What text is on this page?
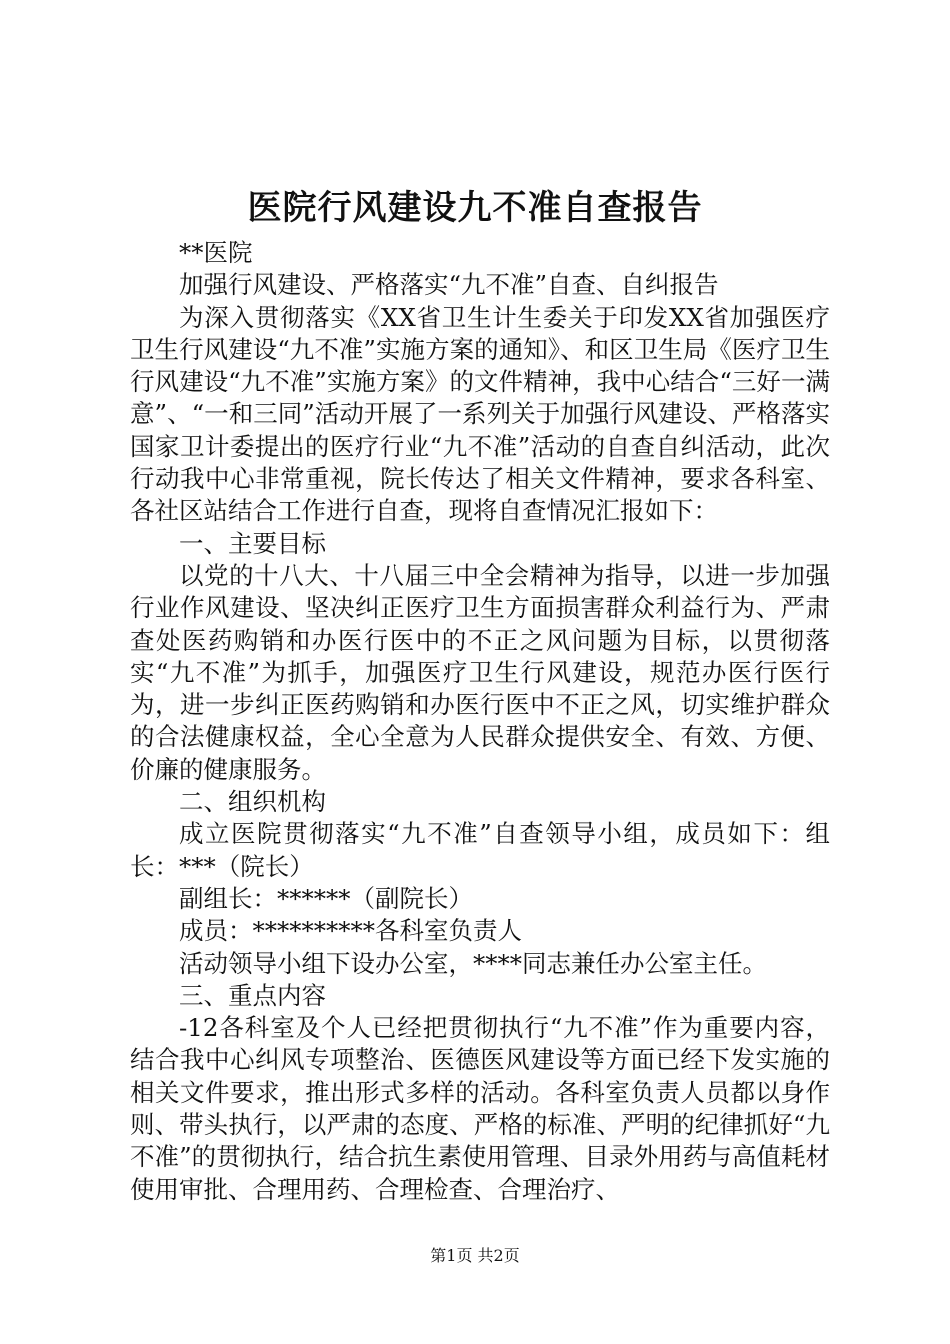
医院行风建设九不准自查报告

**医院

加强行风建设、严格落实“九不准”自查、自纠报告

为深入贯彻落实《XX省卫生计生委关于印发XX省加强医疗卫生行风建设“九不准”实施方案的通知》、和区卫生局《医疗卫生行风建设“九不准”实施方案》的文件精神，我中心结合“三好一满意”、“一和三同”活动开展了一系列关于加强行风建设、严格落实国家卫计委提出的医疗行业“九不准”活动的自查自纠活动，此次行动我中心非常重视，院长传达了相关文件精神，要求各科室、各社区站结合工作进行自查，现将自查情况汇报如下：

一、主要目标

以党的十八大、十八届三中全会精神为指导，以进一步加强行业作风建设、坚决纠正医疗卫生方面损害群众利益行为、严肃查处医药购销和办医行医中的不正之风问题为目标，以贯彻落实“九不准”为抓手，加强医疗卫生行风建设，规范办医行医行为，进一步纠正医药购销和办医行医中不正之风，切实维护群众的合法健康权益，全心全意为人民群众提供安全、有效、方便、价廉的健康服务。

二、组织机构

成立医院贯彻落实“九不准”自查领导小组，成员如下：组长：***（院长）

副组长：******（副院长）

成员：**********各科室负责人

活动领导小组下设办公室，****同志兼任办公室主任。

三、重点内容

-12各科室及个人已经把贯彻执行“九不准”作为重要内容，结合我中心纠风专项整治、医德医风建设等方面已经下发实施的相关文件要求，推出形式多样的活动。各科室负责人员都以身作则、带头执行，以严肃的态度、严格的标准、严明的纪律抓好“九不准”的贯彻执行，结合抗生素使用管理、目录外用药与高值耗材使用审批、合理用药、合理检查、合理治疗、

第1页 共2页
